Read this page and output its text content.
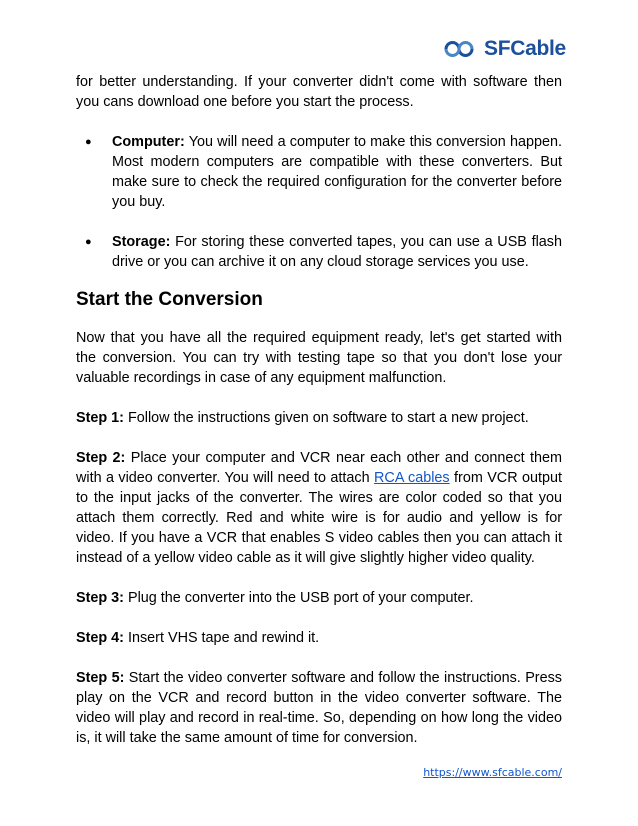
SFCable

for better understanding. If your converter didn't come with software then you cans download one before you start the process.

● Computer: You will need a computer to make this conversion happen. Most modern computers are compatible with these converters. But make sure to check the required configuration for the converter before you buy.
● Storage: For storing these converted tapes, you can use a USB flash drive or you can archive it on any cloud storage services you use.
Start the Conversion

Now that you have all the required equipment ready, let's get started with the conversion. You can try with testing tape so that you don't lose your valuable recordings in case of any equipment malfunction.

Step 1: Follow the instructions given on software to start a new project.

Step 2: Place your computer and VCR near each other and connect them with a video converter. You will need to attach RCA cables from VCR output to the input jacks of the converter. The wires are color coded so that you attach them correctly. Red and white wire is for audio and yellow is for video. If you have a VCR that enables S video cables then you can attach it instead of a yellow video cable as it will give slightly higher video quality.

Step 3: Plug the converter into the USB port of your computer.

Step 4: Insert VHS tape and rewind it.

Step 5: Start the video converter software and follow the instructions. Press play on the VCR and record button in the video converter software. The video will play and record in real-time. So, depending on how long the video is, it will take the same amount of time for conversion.

https://www.sfcable.com/
